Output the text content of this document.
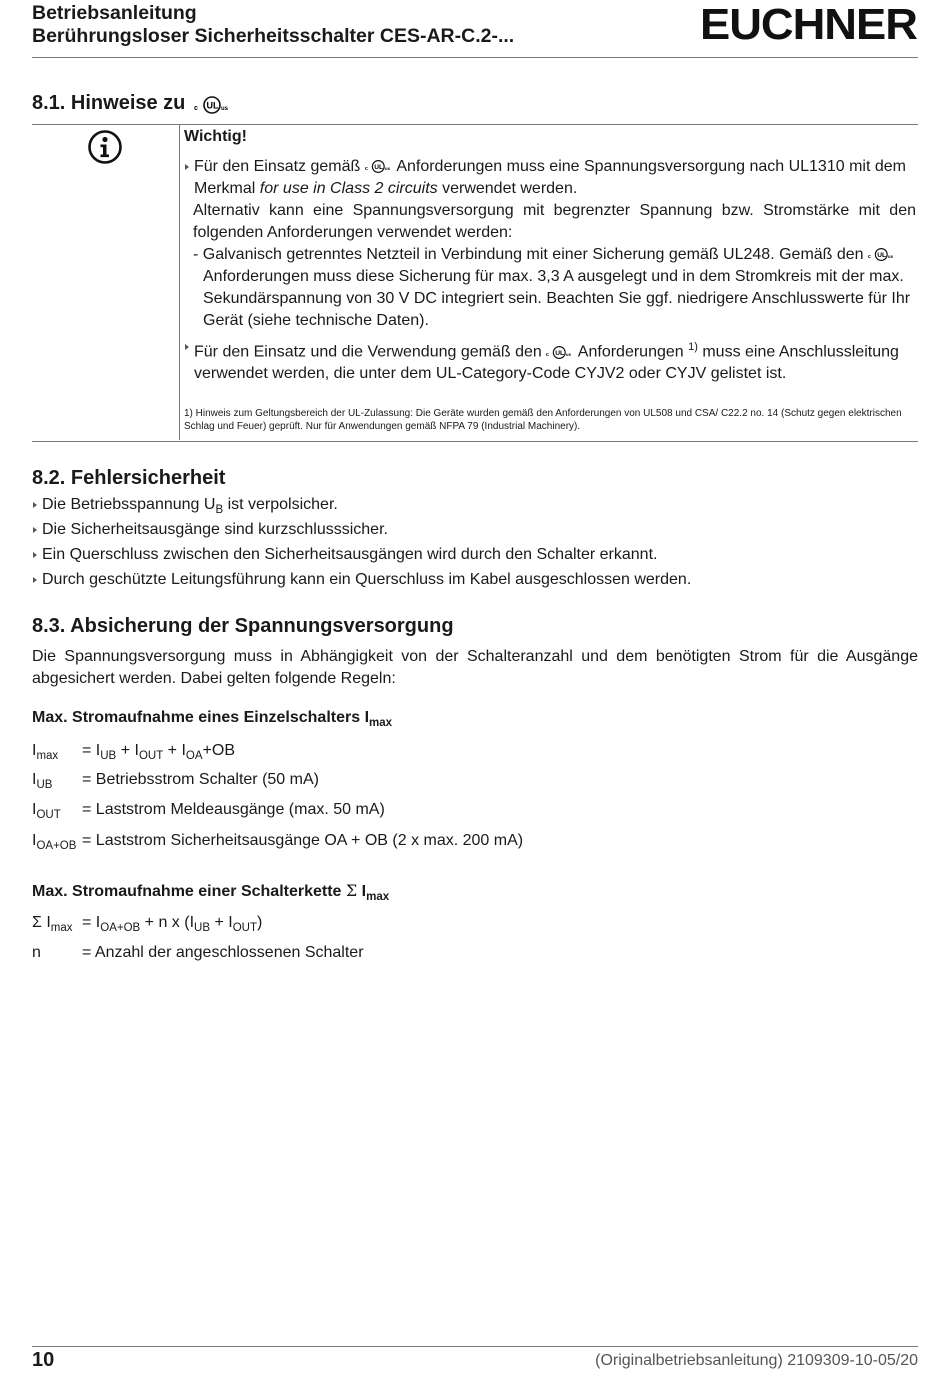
Betriebsanleitung
Berührungsloser Sicherheitsschalter CES-AR-C.2-...	EUCHNER
8.1. Hinweise zu c UL us
Wichtig!
Für den Einsatz gemäß c UL us Anforderungen muss eine Spannungsversorgung nach UL1310 mit dem Merkmal for use in Class 2 circuits verwendet werden.
Alternativ kann eine Spannungsversorgung mit begrenzter Spannung bzw. Stromstärke mit den folgenden Anforderungen verwendet werden:
- Galvanisch getrenntes Netzteil in Verbindung mit einer Sicherung gemäß UL248. Gemäß den c UL us
Anforderungen muss diese Sicherung für max. 3,3 A ausgelegt und in dem Stromkreis mit der max. Sekundärspannung von 30 V DC integriert sein. Beachten Sie ggf. niedrigere Anschlusswerte für Ihr Gerät (siehe technische Daten).
Für den Einsatz und die Verwendung gemäß den c UL us Anforderungen $^{1)}$ muss eine Anschlussleitung verwendet werden, die unter dem UL-Category-Code CYJV2 oder CYJV gelistet ist.
1) Hinweis zum Geltungsbereich der UL-Zulassung: Die Geräte wurden gemäß den Anforderungen von UL508 und CSA/ C22.2 no. 14 (Schutz gegen elektrischen Schlag und Feuer) geprüft. Nur für Anwendungen gemäß NFPA 79 (Industrial Machinery).
8.2. Fehlersicherheit
Die Betriebsspannung $U_B$ ist verpolsicher.
Die Sicherheitsausgänge sind kurzschlusssicher.
Ein Querschluss zwischen den Sicherheitsausgängen wird durch den Schalter erkannt.
Durch geschützte Leitungsführung kann ein Querschluss im Kabel ausgeschlossen werden.
8.3. Absicherung der Spannungsversorgung
Die Spannungsversorgung muss in Abhängigkeit von der Schalteranzahl und dem benötigten Strom für die Ausgänge abgesichert werden. Dabei gelten folgende Regeln:
Max. Stromaufnahme eines Einzelschalters $I_{max}$
$I_{max} = I_{UB} + I_{OUT} + I_{OA}+OB$
$I_{UB}$ = Betriebsstrom Schalter (50 mA)
$I_{OUT}$ = Laststrom Meldeausgänge (max. 50 mA)
$I_{OA+OB}$ = Laststrom Sicherheitsausgänge OA + OB (2 x max. 200 mA)
Max. Stromaufnahme einer Schalterkette Σ $I_{max}$
Σ $I_{max} = I_{OA+OB} + n$ x $(I_{UB} + I_{OUT})$
n	= Anzahl der angeschlossenen Schalter
10	(Originalbetriebsanleitung) 2109309-10-05/20
